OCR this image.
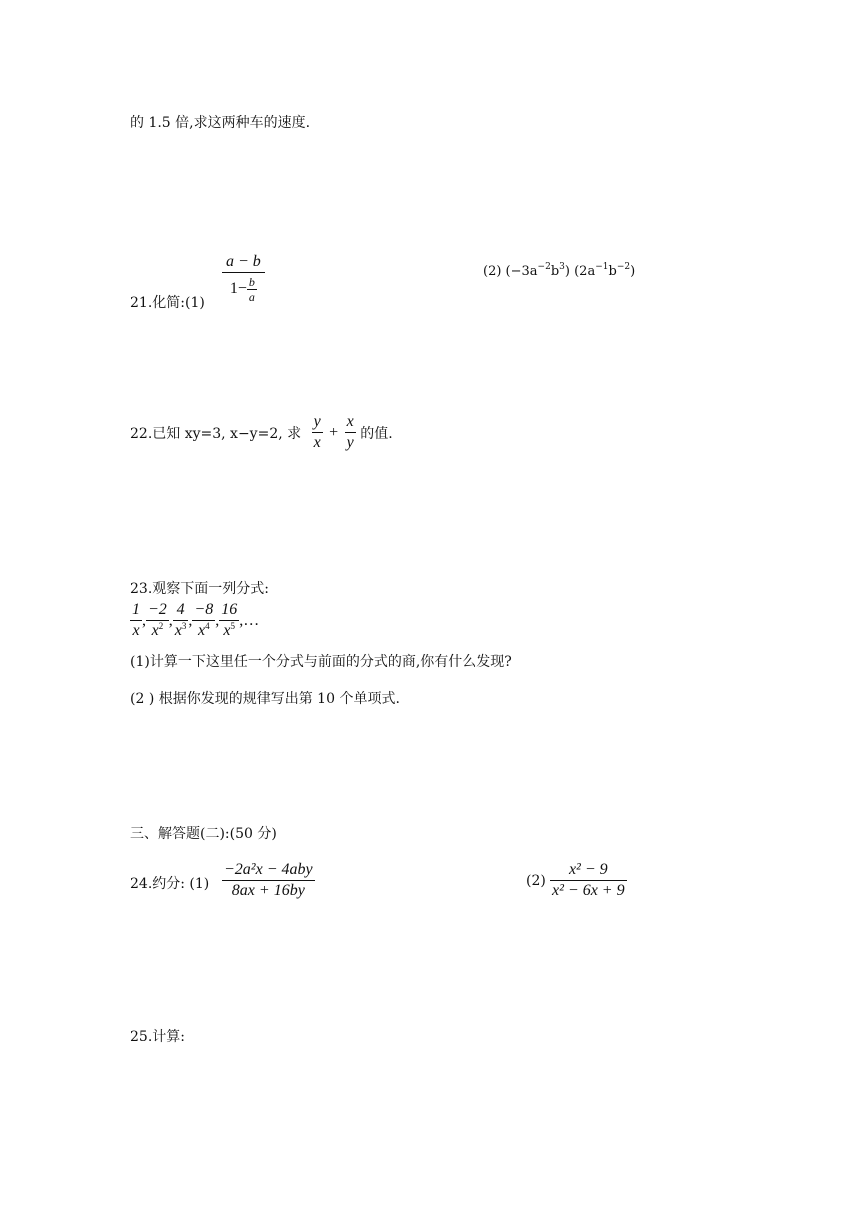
的 1.5 倍,求这两种车的速度.
21.化简:(1) $\frac{a - b}{1- \frac{b}{a}}$	(2) $(-3a^{-2}b^3)$ $(2a^{-1}b^{-2})$
22.已知 xy=3, x−y=2, 求 $\frac{y}{x} + \frac{x}{y}$ 的值.
23.观察下面一列分式:
$\frac{1}{x}$ , $\frac{-2}{x^2}$ , $\frac{4}{x^3}$ , $\frac{-8}{x^4}$ , $\frac{16}{x^5}$ ,…
(1)计算一下这里任一个分式与前面的分式的商,你有什么发现?
(2 ) 根据你发现的规律写出第 10 个单项式.
三、解答题(二):(50 分)
24.约分: $(1) \frac{\text{−2a²x − 4aby}}{8ax + 16by}$	$(2) \frac{\text{x² − 9}}{\text{x² − 6x + 9}}$
25.计算:
